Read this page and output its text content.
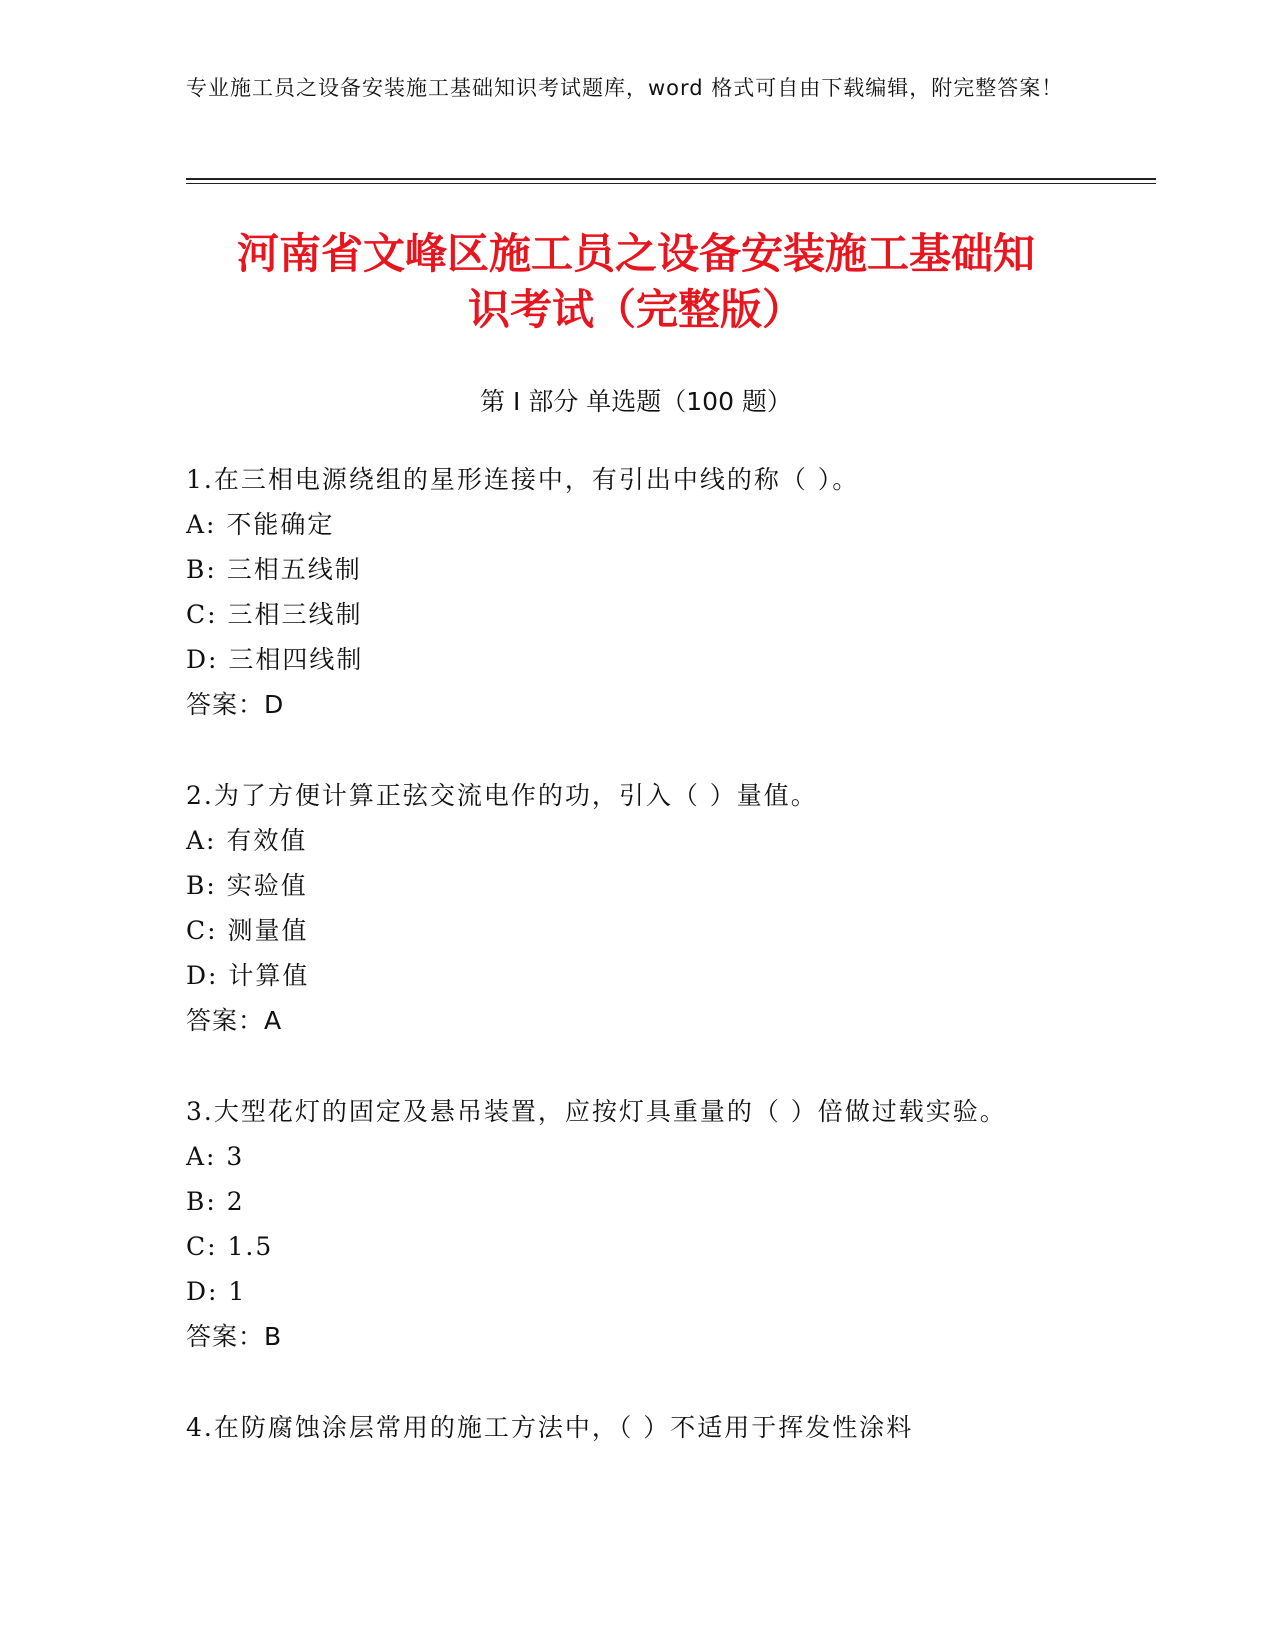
专业施工员之设备安装施工基础知识考试题库，word 格式可自由下载编辑，附完整答案！
河南省文峰区施工员之设备安装施工基础知
识考试（完整版）
第 I 部分 单选题（100 题）
1.在三相电源绕组的星形连接中，有引出中线的称（ ）。
A: 不能确定
B: 三相五线制
C: 三相三线制
D: 三相四线制
答案：D
2.为了方便计算正弦交流电作的功，引入（ ）量值。
A: 有效值
B: 实验值
C: 测量值
D: 计算值
答案：A
3.大型花灯的固定及悬吊装置，应按灯具重量的（ ）倍做过载实验。
A: 3
B: 2
C: 1.5
D: 1
答案：B
4.在防腐蚀涂层常用的施工方法中，（ ）不适用于挥发性涂料
